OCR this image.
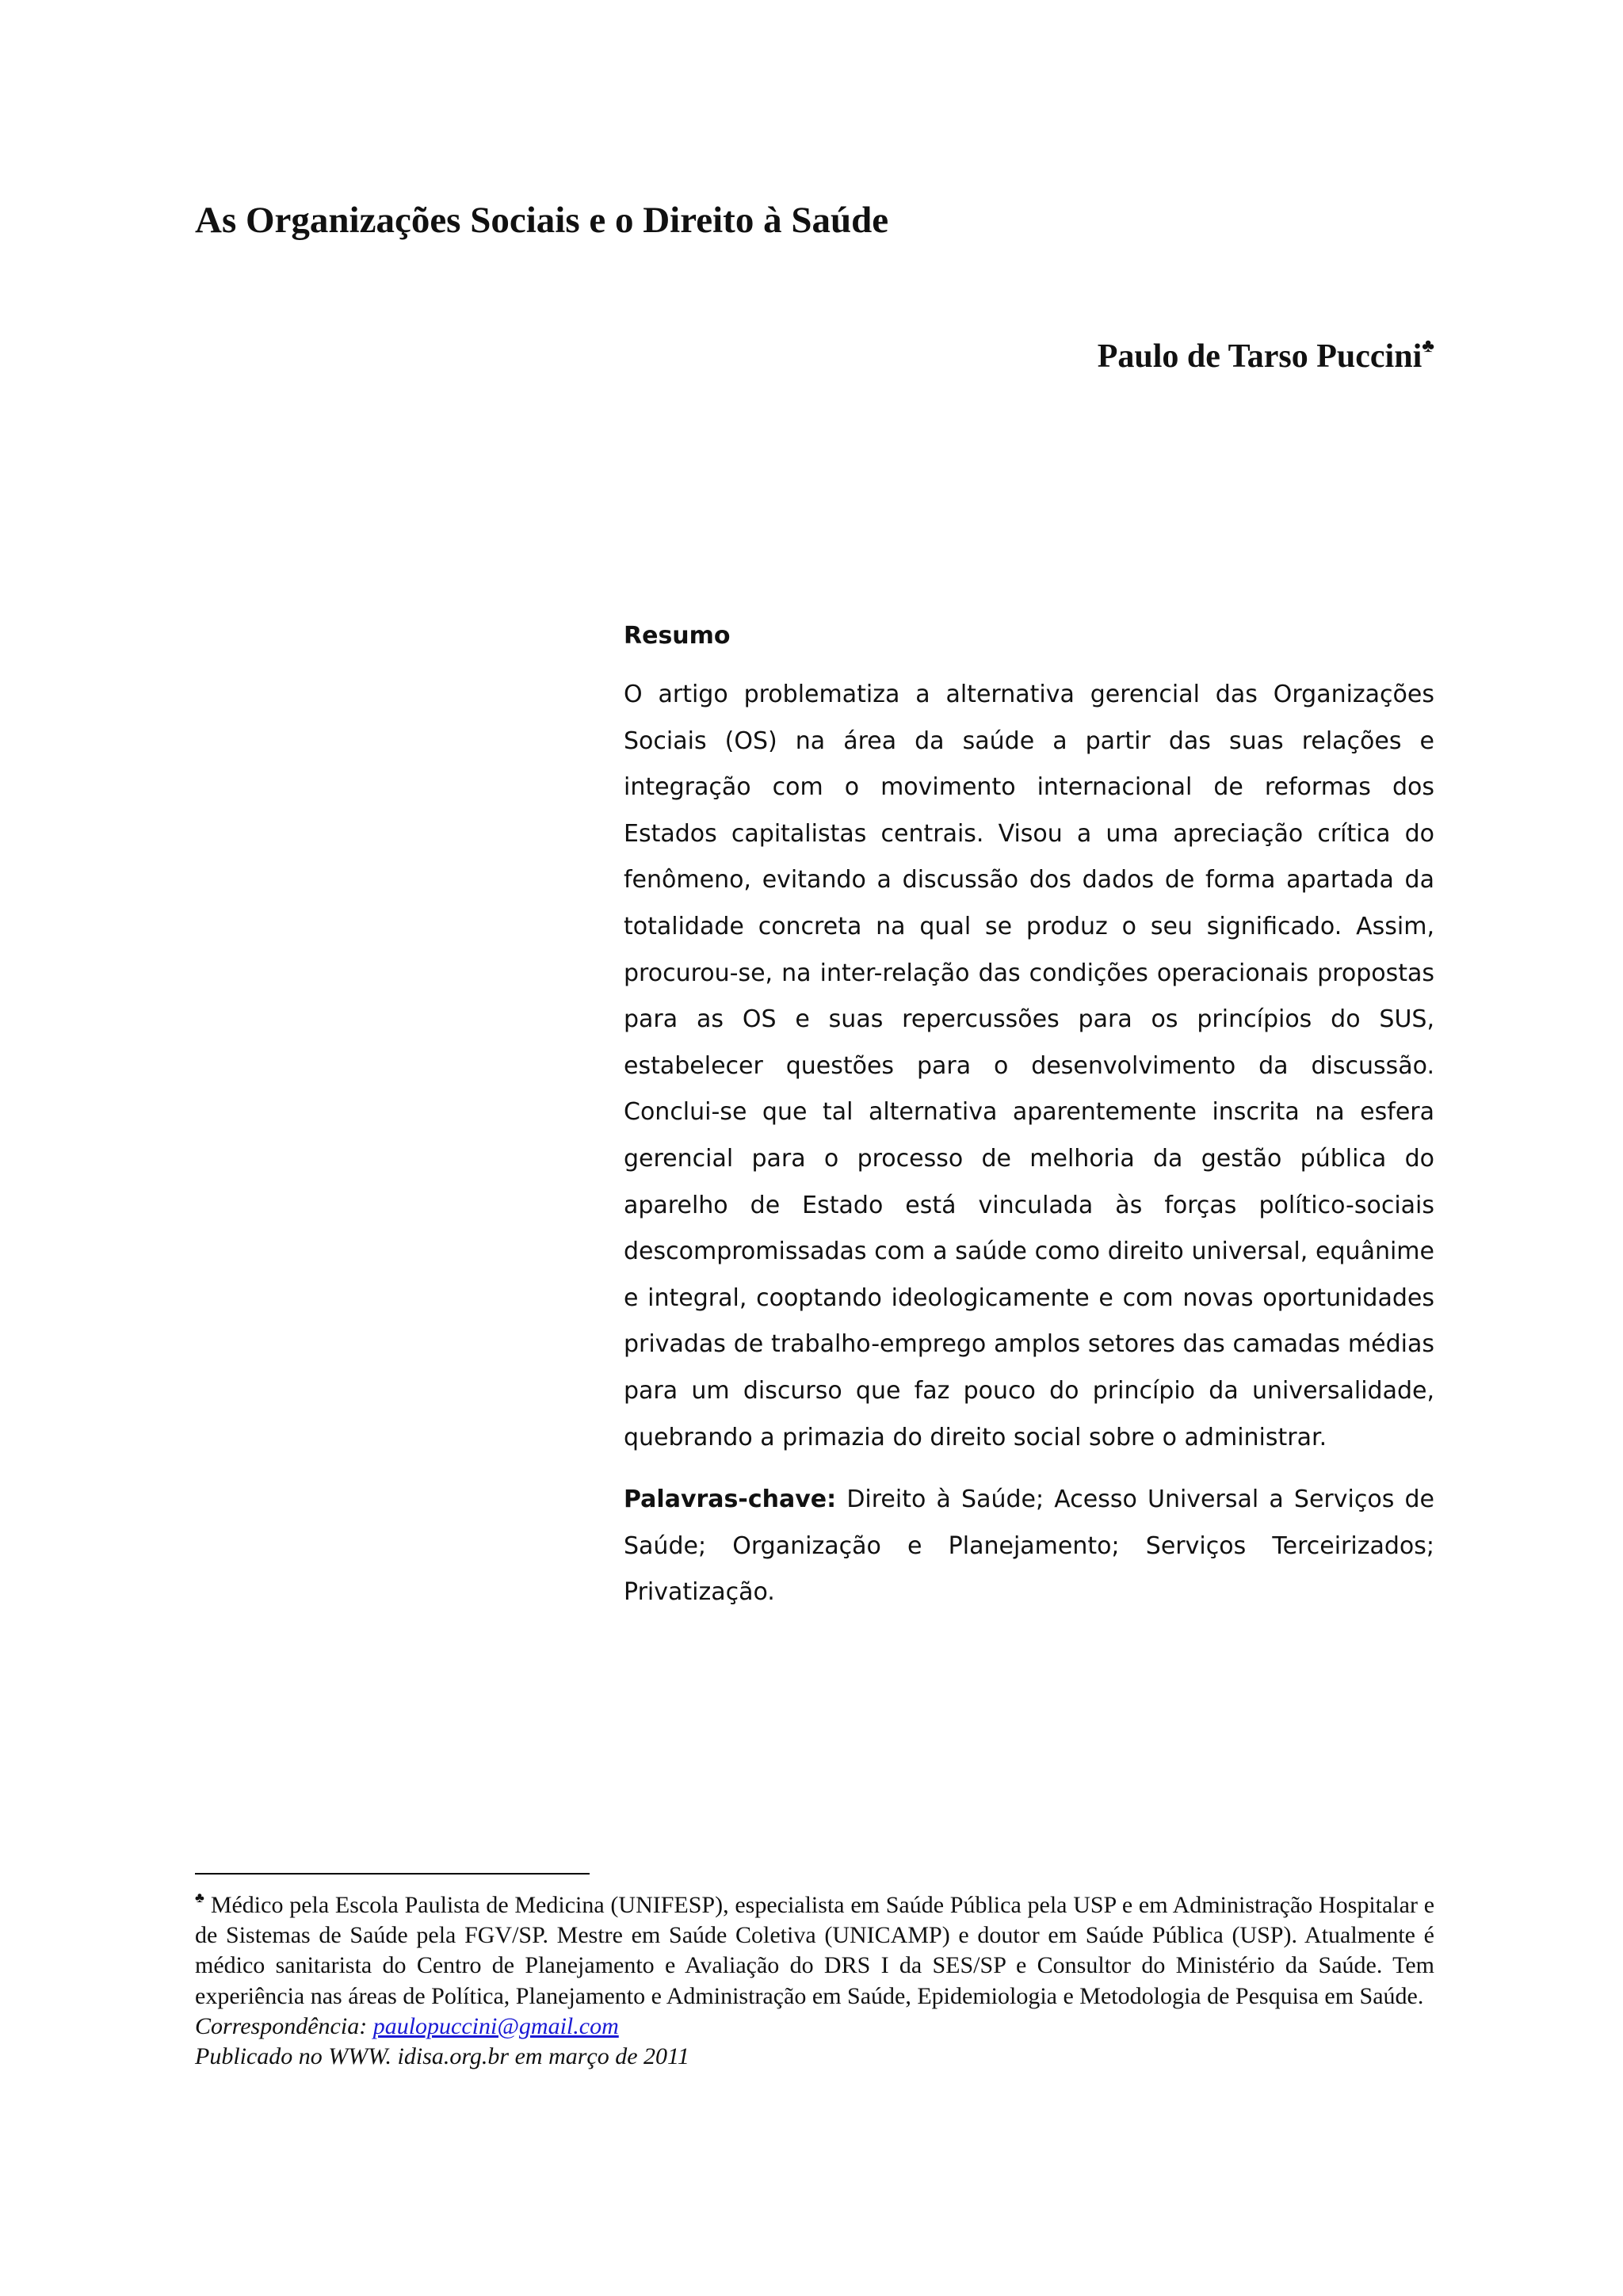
As Organizações Sociais e o Direito à Saúde
Paulo de Tarso Puccini♣
Resumo

O artigo problematiza a alternativa gerencial das Organizações Sociais (OS) na área da saúde a partir das suas relações e integração com o movimento internacional de reformas dos Estados capitalistas centrais. Visou a uma apreciação crítica do fenômeno, evitando a discussão dos dados de forma apartada da totalidade concreta na qual se produz o seu significado. Assim, procurou-se, na inter-relação das condições operacionais propostas para as OS e suas repercussões para os princípios do SUS, estabelecer questões para o desenvolvimento da discussão. Conclui-se que tal alternativa aparentemente inscrita na esfera gerencial para o processo de melhoria da gestão pública do aparelho de Estado está vinculada às forças político-sociais descompromissadas com a saúde como direito universal, equânime e integral, cooptando ideologicamente e com novas oportunidades privadas de trabalho-emprego amplos setores das camadas médias para um discurso que faz pouco do princípio da universalidade, quebrando a primazia do direito social sobre o administrar.

Palavras-chave: Direito à Saúde; Acesso Universal a Serviços de Saúde; Organização e Planejamento; Serviços Terceirizados; Privatização.

♣ Médico pela Escola Paulista de Medicina (UNIFESP), especialista em Saúde Pública pela USP e em Administração Hospitalar e de Sistemas de Saúde pela FGV/SP. Mestre em Saúde Coletiva (UNICAMP) e doutor em Saúde Pública (USP). Atualmente é médico sanitarista do Centro de Planejamento e Avaliação do DRS I da SES/SP e Consultor do Ministério da Saúde. Tem experiência nas áreas de Política, Planejamento e Administração em Saúde, Epidemiologia e Metodologia de Pesquisa em Saúde.

Correspondência: paulopuccini@gmail.com

Publicado no WWW. idisa.org.br em março de 2011
